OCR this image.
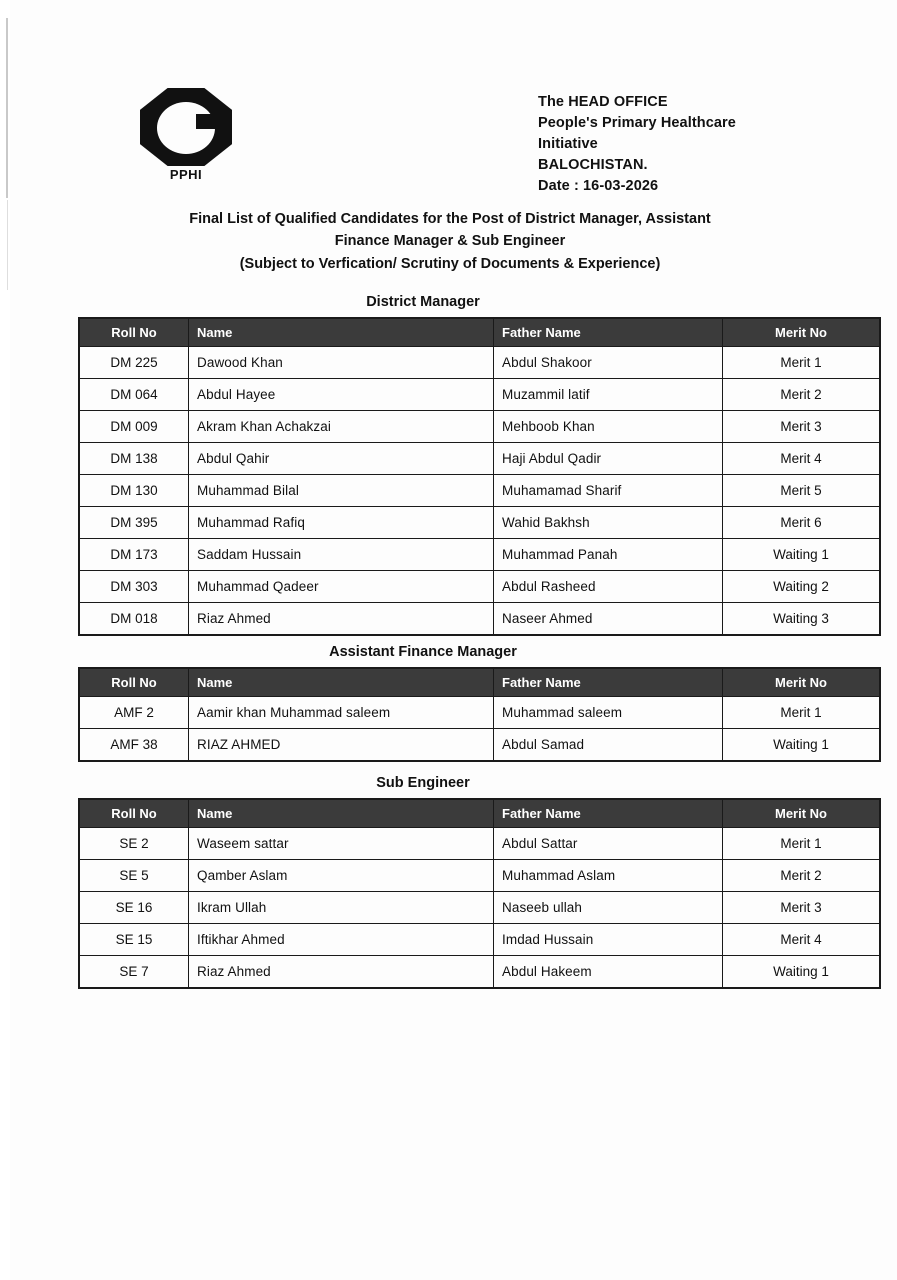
PPHI
The HEAD OFFICE
People's Primary Healthcare
Initiative
BALOCHISTAN.
Date : 16-03-2026
Final List of Qualified Candidates for the Post of District Manager, Assistant
Finance Manager & Sub Engineer
(Subject to Verfication/ Scrutiny of Documents & Experience)
District Manager
Roll No	Name	Father Name	Merit No
DM 225	Dawood Khan	Abdul Shakoor	Merit 1
DM 064	Abdul Hayee	Muzammil latif	Merit 2
DM 009	Akram Khan Achakzai	Mehboob Khan	Merit 3
DM 138	Abdul Qahir	Haji Abdul Qadir	Merit 4
DM 130	Muhammad Bilal	Muhamamad Sharif	Merit 5
DM 395	Muhammad Rafiq	Wahid Bakhsh	Merit 6
DM 173	Saddam Hussain	Muhammad Panah	Waiting 1
DM 303	Muhammad Qadeer	Abdul Rasheed	Waiting 2
DM 018	Riaz Ahmed	Naseer Ahmed	Waiting 3
Assistant Finance Manager
Roll No	Name	Father Name	Merit No
AMF 2	Aamir khan Muhammad saleem	Muhammad saleem	Merit 1
AMF 38	RIAZ AHMED	Abdul Samad	Waiting 1
Sub Engineer
Roll No	Name	Father Name	Merit No
SE 2	Waseem sattar	Abdul Sattar	Merit 1
SE 5	Qamber Aslam	Muhammad Aslam	Merit 2
SE 16	Ikram Ullah	Naseeb ullah	Merit 3
SE 15	Iftikhar Ahmed	Imdad Hussain	Merit 4
SE 7	Riaz Ahmed	Abdul Hakeem	Waiting 1
